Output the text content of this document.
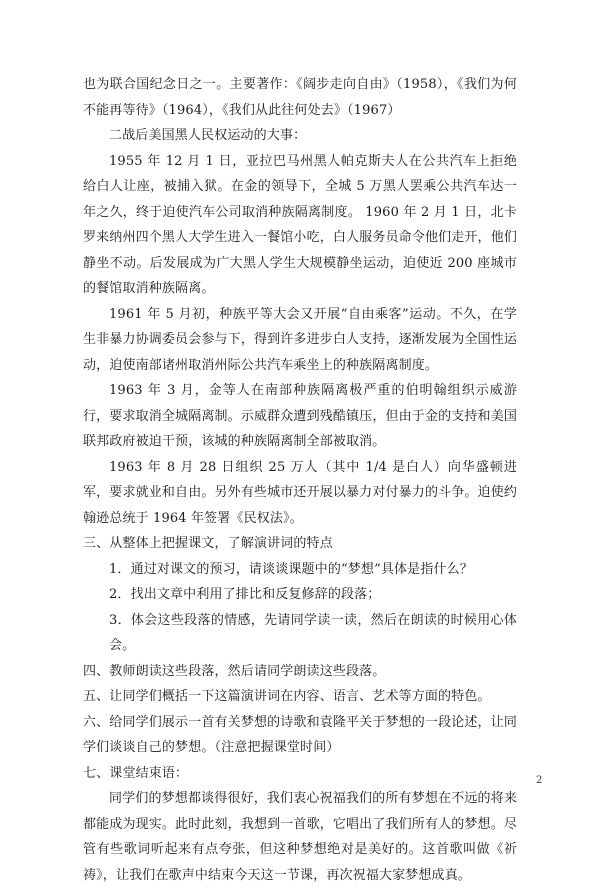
也为联合国纪念日之一。主要著作：《阔步走向自由》（1958），《我们为何不能再等待》（1964），《我们从此往何处去》（1967）

二战后美国黑人民权运动的大事：

1955 年 12 月 1 日，亚拉巴马州黑人帕克斯夫人在公共汽车上拒绝给白人让座，被捕入狱。在金的领导下，全城 5 万黑人罢乘公共汽车达一年之久，终于迫使汽车公司取消种族隔离制度。 1960 年 2 月 1 日，北卡罗来纳州四个黑人大学生进入一餐馆小吃，白人服务员命令他们走开，他们静坐不动。后发展成为广大黑人学生大规模静坐运动，迫使近 200 座城市的餐馆取消种族隔离。

1961 年 5 月初，种族平等大会又开展“自由乘客”运动。不久，在学生非暴力协调委员会参与下，得到许多进步白人支持，逐渐发展为全国性运动，迫使南部诸州取消州际公共汽车乘坐上的种族隔离制度。

1963 年 3 月，金等人在南部种族隔离极严重的伯明翰组织示威游行，要求取消全城隔离制。示威群众遭到残酷镇压，但由于金的支持和美国联邦政府被迫干预，该城的种族隔离制全部被取消。

1963 年 8 月 28 日组织 25 万人（其中 1/4 是白人）向华盛顿进军，要求就业和自由。另外有些城市还开展以暴力对付暴力的斗争。迫使约翰逊总统于 1964 年签署《民权法》。

三、从整体上把握课文，了解演讲词的特点

1．通过对课文的预习，请谈谈课题中的“梦想”具体是指什么？

2．找出文章中利用了排比和反复修辞的段落；

3．体会这些段落的情感，先请同学读一读，然后在朗读的时候用心体会。

四、教师朗读这些段落，然后请同学朗读这些段落。

五、让同学们概括一下这篇演讲词在内容、语言、艺术等方面的特色。

六、给同学们展示一首有关梦想的诗歌和袁隆平关于梦想的一段论述，让同学们谈谈自己的梦想。（注意把握课堂时间）

七、课堂结束语：

同学们的梦想都谈得很好，我们衷心祝福我们的所有梦想在不远的将来都能成为现实。此时此刻，我想到一首歌，它唱出了我们所有人的梦想。尽管有些歌词听起来有点夸张，但这种梦想绝对是美好的。这首歌叫做《祈祷》，让我们在歌声中结束今天这一节课，再次祝福大家梦想成真。

2
